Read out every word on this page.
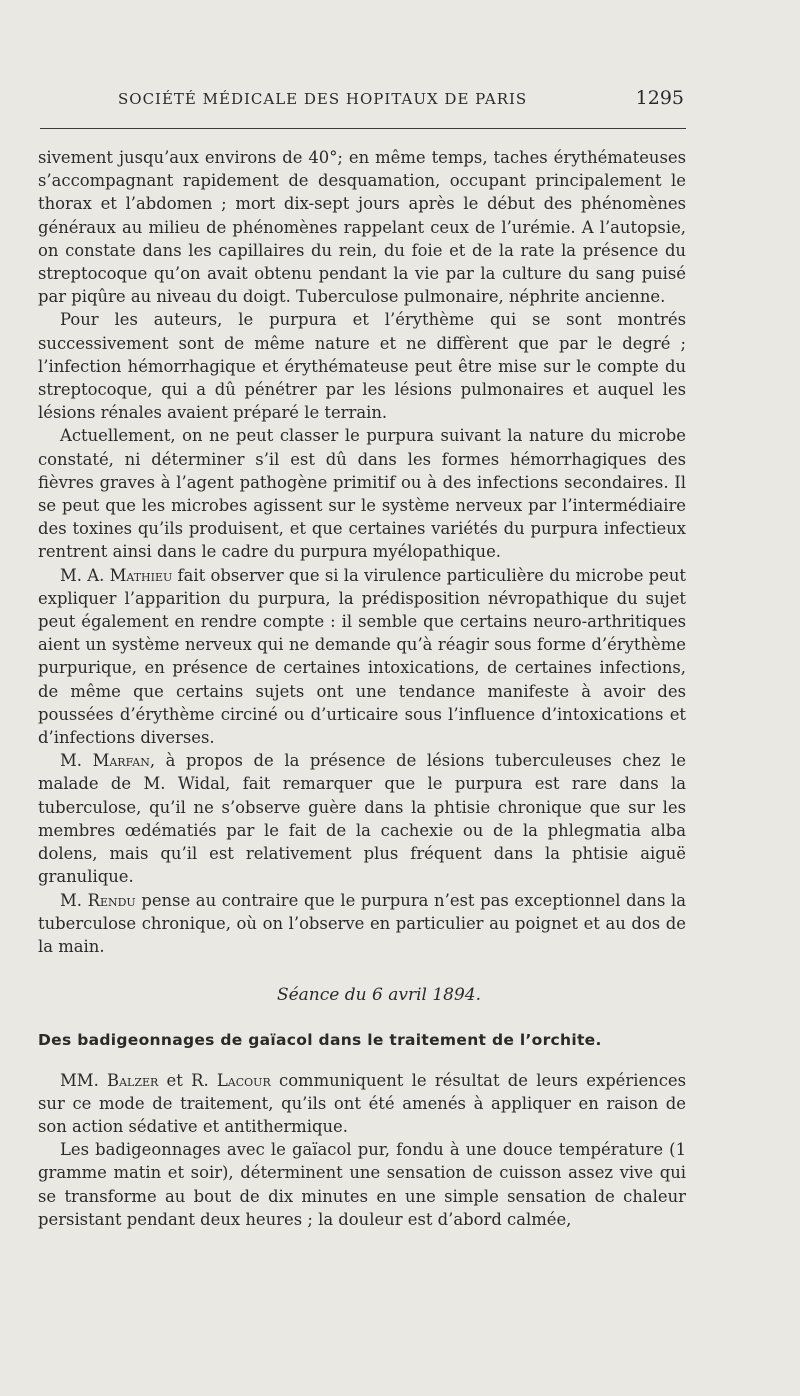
SOCIÉTÉ MÉDICALE DES HOPITAUX DE PARIS	1295

sivement jusqu’aux environs de 40°; en même temps, taches érythémateuses s’accompagnant rapidement de desquamation, occupant principalement le thorax et l’abdomen ; mort dix-sept jours après le début des phénomènes généraux au milieu de phénomènes rappelant ceux de l’urémie. A l’autopsie, on constate dans les capillaires du rein, du foie et de la rate la présence du streptocoque qu’on avait obtenu pendant la vie par la culture du sang puisé par piqûre au niveau du doigt. Tuberculose pulmonaire, néphrite ancienne.

Pour les auteurs, le purpura et l’érythème qui se sont montrés successivement sont de même nature et ne diffèrent que par le degré ; l’infection hémorrhagique et érythémateuse peut être mise sur le compte du streptocoque, qui a dû pénétrer par les lésions pulmonaires et auquel les lésions rénales avaient préparé le terrain.

Actuellement, on ne peut classer le purpura suivant la nature du microbe constaté, ni déterminer s’il est dû dans les formes hémorrhagiques des fièvres graves à l’agent pathogène primitif ou à des infections secondaires. Il se peut que les microbes agissent sur le système nerveux par l’intermédiaire des toxines qu’ils produisent, et que certaines variétés du purpura infectieux rentrent ainsi dans le cadre du purpura myélopathique.

M. A. Mathieu fait observer que si la virulence particulière du microbe peut expliquer l’apparition du purpura, la prédisposition névropathique du sujet peut également en rendre compte : il semble que certains neuro-arthritiques aient un système nerveux qui ne demande qu’à réagir sous forme d’érythème purpurique, en présence de certaines intoxications, de certaines infections, de même que certains sujets ont une tendance manifeste à avoir des poussées d’érythème circiné ou d’urticaire sous l’influence d’intoxications et d’infections diverses.

M. Marfan, à propos de la présence de lésions tuberculeuses chez le malade de M. Widal, fait remarquer que le purpura est rare dans la tuberculose, qu’il ne s’observe guère dans la phtisie chronique que sur les membres œdématiés par le fait de la cachexie ou de la phlegmatia alba dolens, mais qu’il est relativement plus fréquent dans la phtisie aiguë granulique.

M. Rendu pense au contraire que le purpura n’est pas exceptionnel dans la tuberculose chronique, où on l’observe en particulier au poignet et au dos de la main.

Séance du 6 avril 1894.

Des badigeonnages de gaïacol dans le traitement de l’orchite.

MM. Balzer et R. Lacour communiquent le résultat de leurs expériences sur ce mode de traitement, qu’ils ont été amenés à appliquer en raison de son action sédative et antithermique.

Les badigeonnages avec le gaïacol pur, fondu à une douce température (1 gramme matin et soir), déterminent une sensation de cuisson assez vive qui se transforme au bout de dix minutes en une simple sensation de chaleur persistant pendant deux heures ; la douleur est d’abord calmée,
